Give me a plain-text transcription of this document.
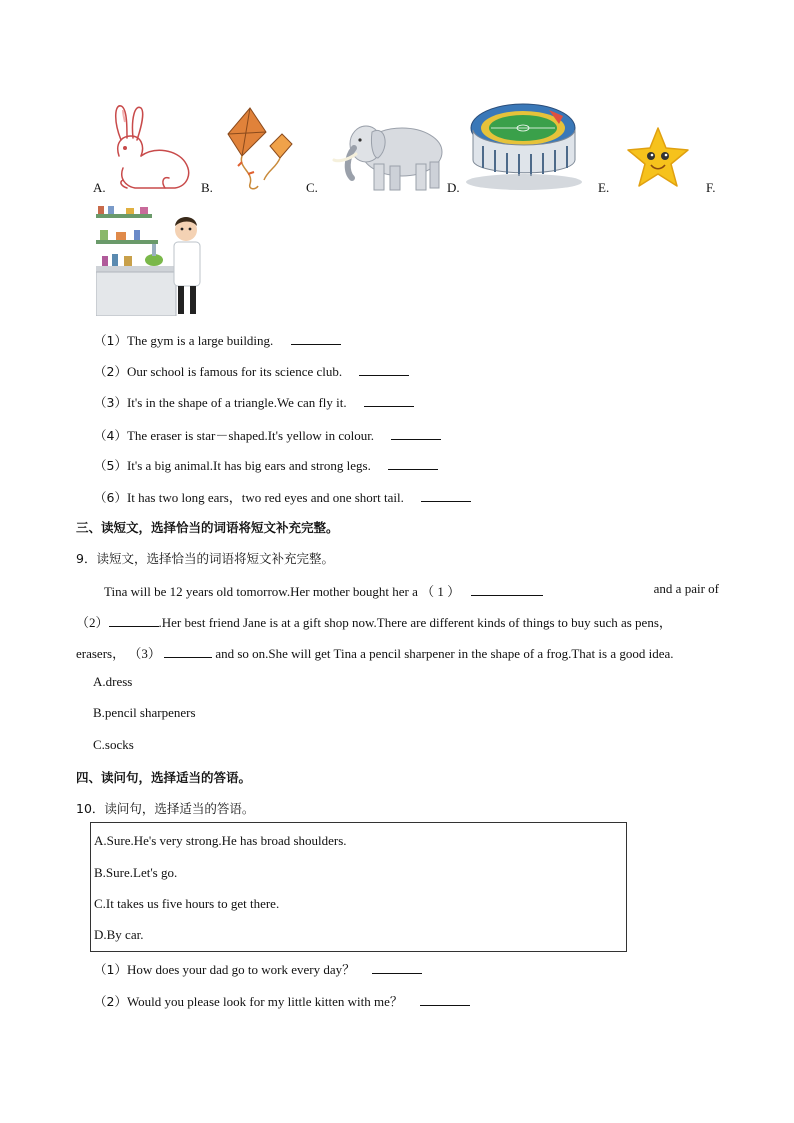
A.	B.	C.	D.	E.	F.
（1）The gym is a large building.
（2）Our school is famous for its science club.
（3）It's in the shape of a triangle.We can fly it.
（4）The eraser is star－shaped.It's yellow in colour.
（5）It's a big animal.It has big ears and strong legs.
（6）It has two long ears，two red eyes and one short tail.
三、读短文，选择恰当的词语将短文补充完整。
9．读短文，选择恰当的词语将短文补充完整。
Tina will be 12 years old tomorrow.Her mother bought her a （ 1 ）	and a pair of
（2）	.Her best friend Jane is at a gift shop now.There are different kinds of things to buy such as pens，
erasers， （3）	and so on.She will get Tina a pencil sharpener in the shape of a frog.That is a good idea.
A.dress
B.pencil sharpeners
C.socks
四、读问句，选择适当的答语。
10．读问句，选择适当的答语。
A.Sure.He's very strong.He has broad shoulders.
B.Sure.Let's go.
C.It takes us five hours to get there.
D.By car.
（1）How does your dad go to work every day？
（2）Would you please look for my little kitten with me？
